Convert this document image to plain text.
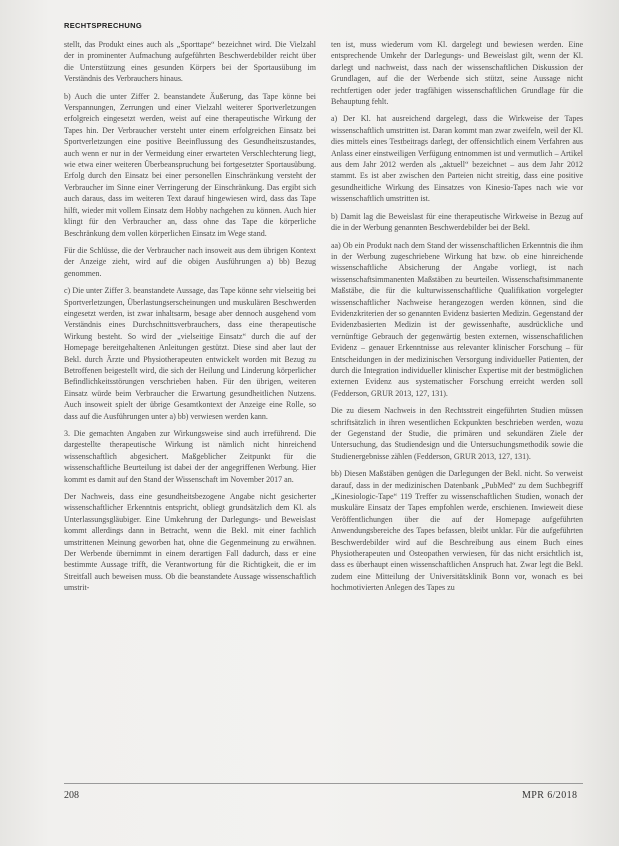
RECHTSPRECHUNG

stellt, das Produkt eines auch als „Sporttape“ bezeichnet wird. Die Vielzahl der in prominenter Aufmachung aufgeführten Beschwerdebilder reicht über die Unterstützung eines gesunden Körpers bei der Sportausübung im Verständnis des Verbrauchers hinaus.

b) Auch die unter Ziffer 2. beanstandete Äußerung, das Tape könne bei Verspannungen, Zerrungen und einer Vielzahl weiterer Sportverletzungen erfolgreich eingesetzt werden, weist auf eine therapeutische Wirkung der Tapes hin. Der Verbraucher versteht unter einem erfolgreichen Einsatz bei Sportverletzungen eine positive Beeinflussung des Gesundheitszustandes, auch wenn er nur in der Vermeidung einer erwarteten Verschlechterung liegt, wie etwa einer weiteren Überbeanspruchung bei fortgesetzter Sportausübung. Erfolg durch den Einsatz bei einer personellen Einschränkung versteht der Verbraucher im Sinne einer Verringerung der Einschränkung. Das ergibt sich auch daraus, dass im weiteren Text darauf hingewiesen wird, dass das Tape hilft, wieder mit vollem Einsatz dem Hobby nachgehen zu können. Auch hier klingt für den Verbraucher an, dass ohne das Tape die körperliche Beschränkung dem vollen körperlichen Einsatz im Wege stand.

Für die Schlüsse, die der Verbraucher nach insoweit aus dem übrigen Kontext der Anzeige zieht, wird auf die obigen Ausführungen a) bb) Bezug genommen.

c) Die unter Ziffer 3. beanstandete Aussage, das Tape könne sehr vielseitig bei Sportverletzungen, Überlastungserscheinungen und muskulären Beschwerden eingesetzt werden, ist zwar inhaltsarm, besage aber dennoch ausgehend vom Verständnis eines Durchschnittsverbrauchers, dass eine therapeutische Wirkung besteht. So wird der „vielseitige Einsatz“ durch die auf der Homepage bereitgehaltenen Anleitungen gestützt. Diese sind aber laut der Bekl. durch Ärzte und Physiotherapeuten entwickelt worden mit Bezug zu Betroffenen beigestellt wird, die sich der Heilung und Linderung körperlicher Befindlichkeitsstörungen verschrieben haben. Für den übrigen, weiteren Einsatz würde beim Verbraucher die Erwartung gesundheitlichen Nutzens. Auch insoweit spielt der übrige Gesamtkontext der Anzeige eine Rolle, so dass auf die Ausführungen unter a) bb) verwiesen werden kann.

3. Die gemachten Angaben zur Wirkungsweise sind auch irreführend. Die dargestellte therapeutische Wirkung ist nämlich nicht hinreichend wissenschaftlich abgesichert. Maßgeblicher Zeitpunkt für die wissenschaftliche Beurteilung ist dabei der der angegriffenen Werbung. Hier kommt es damit auf den Stand der Wissenschaft im November 2017 an.

Der Nachweis, dass eine gesundheitsbezogene Angabe nicht gesicherter wissenschaftlicher Erkenntnis entspricht, obliegt grundsätzlich dem Kl. als Unterlassungsgläubiger. Eine Umkehrung der Darlegungs- und Beweislast kommt allerdings dann in Betracht, wenn die Bekl. mit einer fachlich umstrittenen Meinung geworben hat, ohne die Gegenmeinung zu erwähnen. Der Werbende übernimmt in einem derartigen Fall dadurch, dass er eine bestimmte Aussage trifft, die Verantwortung für die Richtigkeit, die er im Streitfall auch beweisen muss. Ob die beanstandete Aussage wissenschaftlich umstrit-

ten ist, muss wiederum vom Kl. dargelegt und bewiesen werden. Eine entsprechende Umkehr der Darlegungs- und Beweislast gilt, wenn der Kl. darlegt und nachweist, dass nach der wissenschaftlichen Diskussion der Grundlagen, auf die der Werbende sich stützt, seine Aussage nicht rechtfertigen oder jeder tragfähigen wissenschaftlichen Grundlage für die Behauptung fehlt.

a) Der Kl. hat ausreichend dargelegt, dass die Wirkweise der Tapes wissenschaftlich umstritten ist. Daran kommt man zwar zweifeln, weil der Kl. dies mittels eines Testbeitrags darlegt, der offensichtlich einem Verfahren aus Anlass einer einstweiligen Verfügung entnommen ist und vermutlich – Artikel aus dem Jahr 2012 werden als „aktuell“ bezeichnet – aus dem Jahr 2012 stammt. Es ist aber zwischen den Parteien nicht streitig, dass eine positive gesundheitliche Wirkung des Einsatzes von Kinesio-Tapes nach wie vor wissenschaftlich umstritten ist.

b) Damit lag die Beweislast für eine therapeutische Wirkweise in Bezug auf die in der Werbung genannten Beschwerdebilder bei der Bekl.

aa) Ob ein Produkt nach dem Stand der wissenschaftlichen Erkenntnis die ihm in der Werbung zugeschriebene Wirkung hat bzw. ob eine hinreichende wissenschaftliche Absicherung der Angabe vorliegt, ist nach wissenschaftsimmanenten Maßstäben zu beurteilen. Wissenschaftsimmanente Maßstäbe, die für die kulturwissenschaftliche Qualifikation vorgelegter wissenschaftlicher Nachweise herangezogen werden können, sind die Evidenzkriterien der so genannten Evidenz basierten Medizin. Gegenstand der Evidenzbasierten Medizin ist der gewissenhafte, ausdrückliche und vernünftige Gebrauch der gegenwärtig besten externen, wissenschaftlichen Evidenz – genauer Erkenntnisse aus relevanter klinischer Forschung – für Entscheidungen in der medizinischen Versorgung individueller Patienten, der durch die Integration individueller klinischer Expertise mit der bestmöglichen externen Evidenz aus systematischer Forschung erreicht werden soll (Fedderson, GRUR 2013, 127, 131).

Die zu diesem Nachweis in den Rechtsstreit eingeführten Studien müssen schriftsätzlich in ihren wesentlichen Eckpunkten beschrieben werden, wozu der Gegenstand der Studie, die primären und sekundären Ziele der Untersuchung, das Studiendesign und die Untersuchungsmethodik sowie die Studienergebnisse zählen (Fedderson, GRUR 2013, 127, 131).

bb) Diesen Maßstäben genügen die Darlegungen der Bekl. nicht. So verweist darauf, dass in der medizinischen Datenbank „PubMed“ zu dem Suchbegriff „Kinesiologic-Tape“ 119 Treffer zu wissenschaftlichen Studien, wonach der muskuläre Einsatz der Tapes empfohlen werde, erschienen. Inwieweit diese Veröffentlichungen über die auf der Homepage aufgeführten Anwendungsbereiche des Tapes befassen, bleibt unklar. Für die aufgeführten Beschwerdebilder wird auf die Beschreibung aus einem Buch eines Physiotherapeuten und Osteopathen verwiesen, für das nicht ersichtlich ist, dass es überhaupt einen wissenschaftlichen Anspruch hat. Zwar legt die Bekl. zudem eine Mitteilung der Universitätsklinik Bonn vor, wonach es bei hochmotivierten Anlegen des Tapes zu

208	MPR 6/2018
